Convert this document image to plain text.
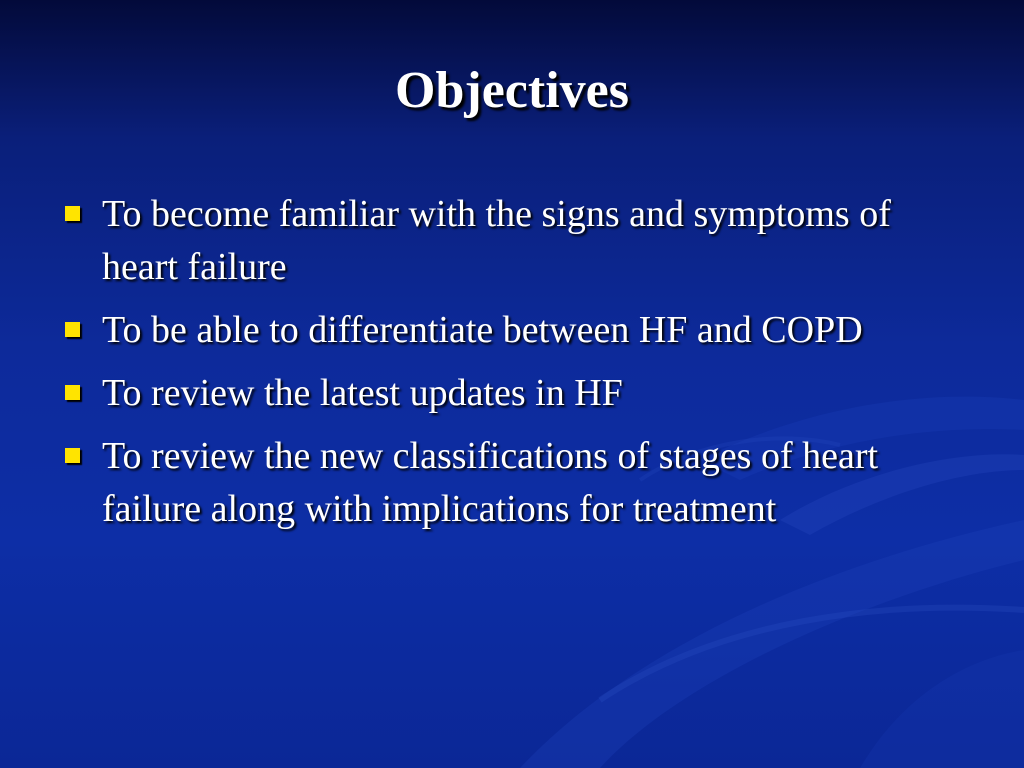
Objectives
To become familiar with the signs and symptoms of heart failure
To be able to differentiate between HF and COPD
To review the latest updates in HF
To review the new classifications of stages of heart failure along with implications for treatment
